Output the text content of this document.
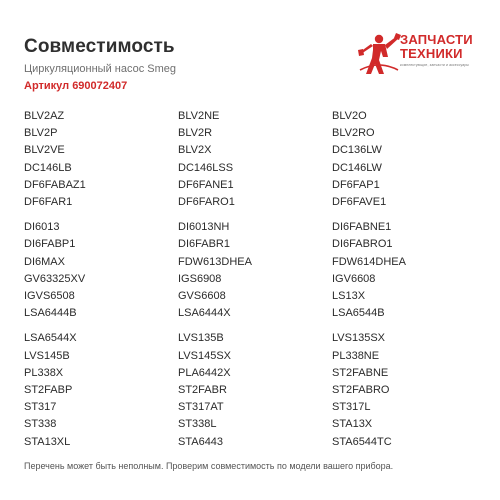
Совместимость
Циркуляционный насос Smeg
Артикул 690072407
ЗАПЧАСТИ
ТЕХНИКИ
комплектующие, запчасти и аксессуары
BLV2AZ
BLV2P
BLV2VE
DC146LB
DF6FABAZ1
DF6FAR1
DI6013
DI6FABP1
DI6MAX
GV63325XV
IGVS6508
LSA6444B
LSA6544X
LVS145B
PL338X
ST2FABP
ST317
ST338
STA13XL
BLV2NE
BLV2R
BLV2X
DC146LSS
DF6FANE1
DF6FARO1
DI6013NH
DI6FABR1
FDW613DHEA
IGS6908
GVS6608
LSA6444X
LVS135B
LVS145SX
PLA6442X
ST2FABR
ST317AT
ST338L
STA6443
BLV2O
BLV2RO
DC136LW
DC146LW
DF6FAP1
DF6FAVE1
DI6FABNE1
DI6FABRO1
FDW614DHEA
IGV6608
LS13X
LSA6544B
LVS135SX
PL338NE
ST2FABNE
ST2FABRO
ST317L
STA13X
STA6544TC
Перечень может быть неполным. Проверим совместимость по модели вашего прибора.
